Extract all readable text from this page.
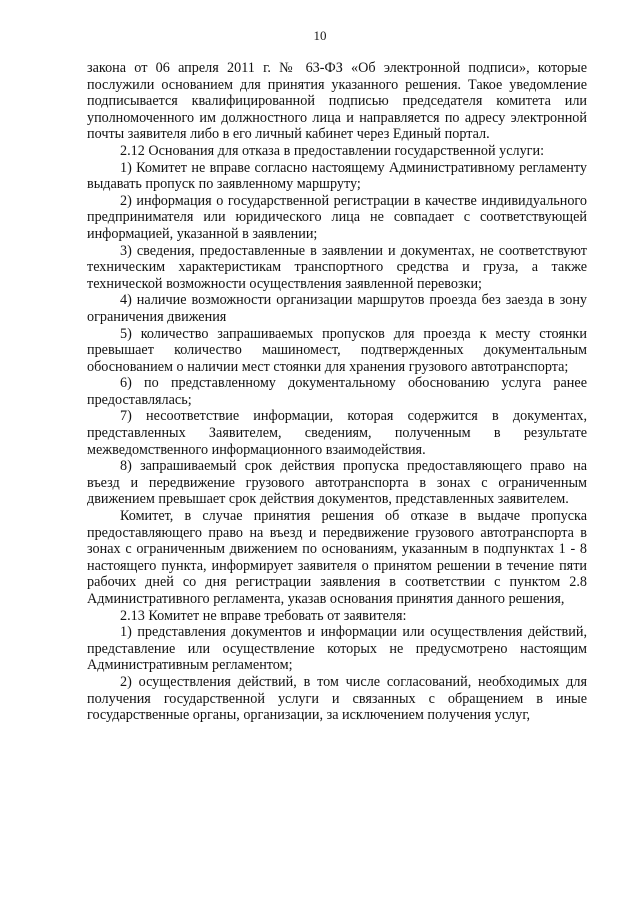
10

закона от 06 апреля 2011 г. № 63-ФЗ «Об электронной подписи», которые послужили основанием для принятия указанного решения. Такое уведомление подписывается квалифицированной подписью председателя комитета или уполномоченного им должностного лица и направляется по адресу электронной почты заявителя либо в его личный кабинет через Единый портал.

2.12 Основания для отказа в предоставлении государственной услуги:

1) Комитет не вправе согласно настоящему Административному регламенту выдавать пропуск по заявленному маршруту;

2) информация о государственной регистрации в качестве индивидуального предпринимателя или юридического лица не совпадает с соответствующей информацией, указанной в заявлении;

3) сведения, предоставленные в заявлении и документах, не соответствуют техническим характеристикам транспортного средства и груза, а также технической возможности осуществления заявленной перевозки;

4) наличие возможности организации маршрутов проезда без заезда в зону ограничения движения

5) количество запрашиваемых пропусков для проезда к месту стоянки превышает количество машиномест, подтвержденных документальным обоснованием о наличии мест стоянки для хранения грузового автотранспорта;

6) по представленному документальному обоснованию услуга ранее предоставлялась;

7) несоответствие информации, которая содержится в документах, представленных Заявителем, сведениям, полученным в результате межведомственного информационного взаимодействия.

8) запрашиваемый срок действия пропуска предоставляющего право на въезд и передвижение грузового автотранспорта в зонах с ограниченным движением превышает срок действия документов, представленных заявителем.

Комитет, в случае принятия решения об отказе в выдаче пропуска предоставляющего право на въезд и передвижение грузового автотранспорта в зонах с ограниченным движением по основаниям, указанным в подпунктах 1 - 8 настоящего пункта, информирует заявителя о принятом решении в течение пяти рабочих дней со дня регистрации заявления в соответствии с пунктом 2.8 Административного регламента, указав основания принятия данного решения,

2.13 Комитет не вправе требовать от заявителя:

1) представления документов и информации или осуществления действий, представление или осуществление которых не предусмотрено настоящим Административным регламентом;

2) осуществления действий, в том числе согласований, необходимых для получения государственной услуги и связанных с обращением в иные государственные органы, организации, за исключением получения услуг,
